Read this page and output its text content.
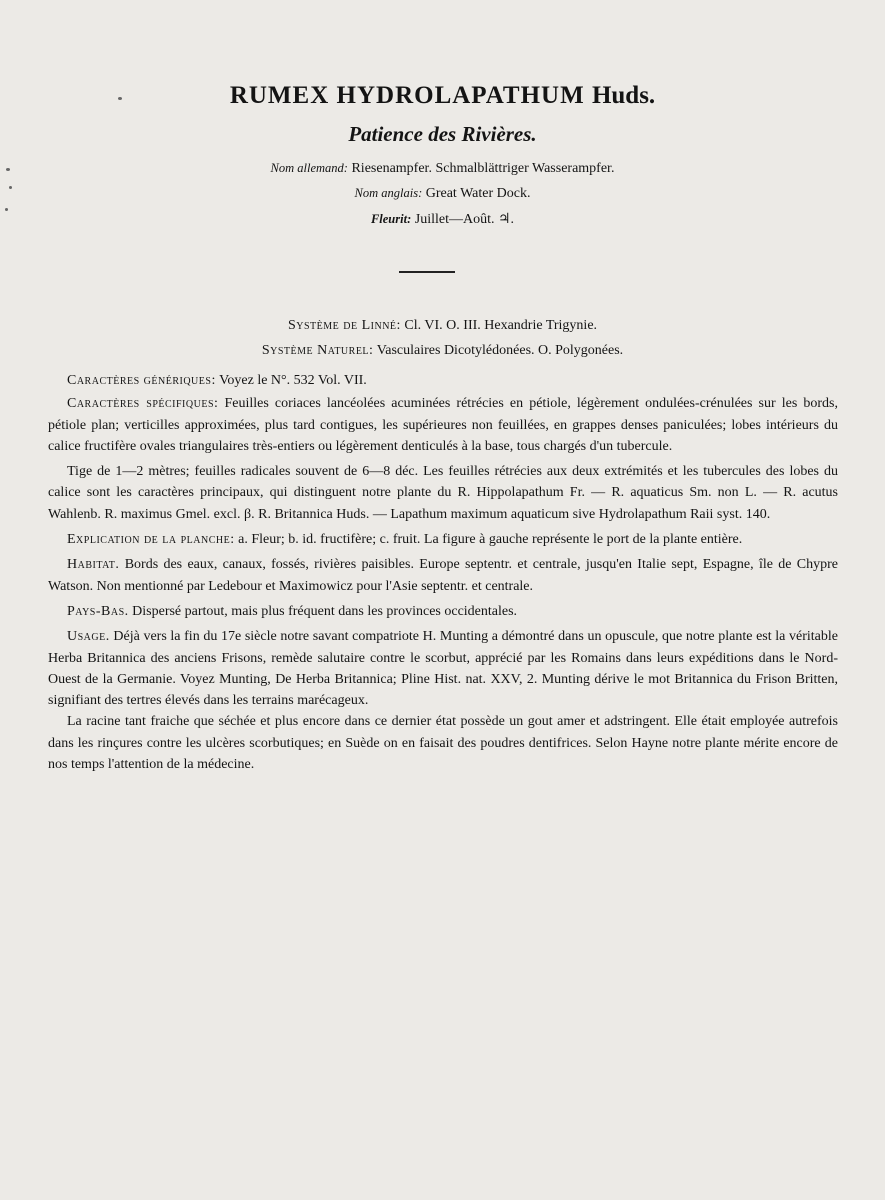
RUMEX HYDROLAPATHUM Huds.
Patience des Rivières.
Nom allemand: Riesenampfer. Schmalblättriger Wasserampfer.
Nom anglais: Great Water Dock.
Fleurit: Juillet—Août. ♃.
Système de Linné: Cl. VI. O. III. Hexandrie Trigynie.
Système Naturel: Vasculaires Dicotylédonées. O. Polygonées.

Caractères génériques: Voyez le N°. 532 Vol. VII.

Caractères spécifiques: Feuilles coriaces lancéolées acuminées rétrécies en pétiole, légèrement ondulées-crénulées sur les bords, pétiole plan; verticilles approximées, plus tard contigues, les supérieures non feuillées, en grappes denses paniculées; lobes intérieurs du calice fructifère ovales triangulaires très-entiers ou légèrement denticulés à la base, tous chargés d'un tubercule.

Tige de 1—2 mètres; feuilles radicales souvent de 6—8 déc. Les feuilles rétrécies aux deux extrémités et les tubercules des lobes du calice sont les caractères principaux, qui distinguent notre plante du R. Hippolapathum Fr. — R. aquaticus Sm. non L. — R. acutus Wahlenb. R. maximus Gmel. excl. β. R. Britannica Huds. — Lapathum maximum aquaticum sive Hydrolapathum Raii syst. 140.

Explication de la planche: a. Fleur; b. id. fructifère; c. fruit. La figure à gauche représente le port de la plante entière.

Habitat. Bords des eaux, canaux, fossés, rivières paisibles. Europe septentr. et centrale, jusqu'en Italie sept, Espagne, île de Chypre Watson. Non mentionné par Ledebour et Maximowicz pour l'Asie septentr. et centrale.

Pays-Bas. Dispersé partout, mais plus fréquent dans les provinces occidentales.

Usage. Déjà vers la fin du 17e siècle notre savant compatriote H. Munting a démontré dans un opuscule, que notre plante est la véritable Herba Britannica des anciens Frisons, remède salutaire contre le scorbut, apprécié par les Romains dans leurs expéditions dans le Nord-Ouest de la Germanie. Voyez Munting, De Herba Britannica; Pline Hist. nat. XXV, 2. Munting dérive le mot Britannica du Frison Britten, signifiant des tertres élevés dans les terrains marécageux.

La racine tant fraiche que séchée et plus encore dans ce dernier état possède un gout amer et adstringent. Elle était employée autrefois dans les rinçures contre les ulcères scorbutiques; en Suède on en faisait des poudres dentifrices. Selon Hayne notre plante mérite encore de nos temps l'attention de la médecine.
